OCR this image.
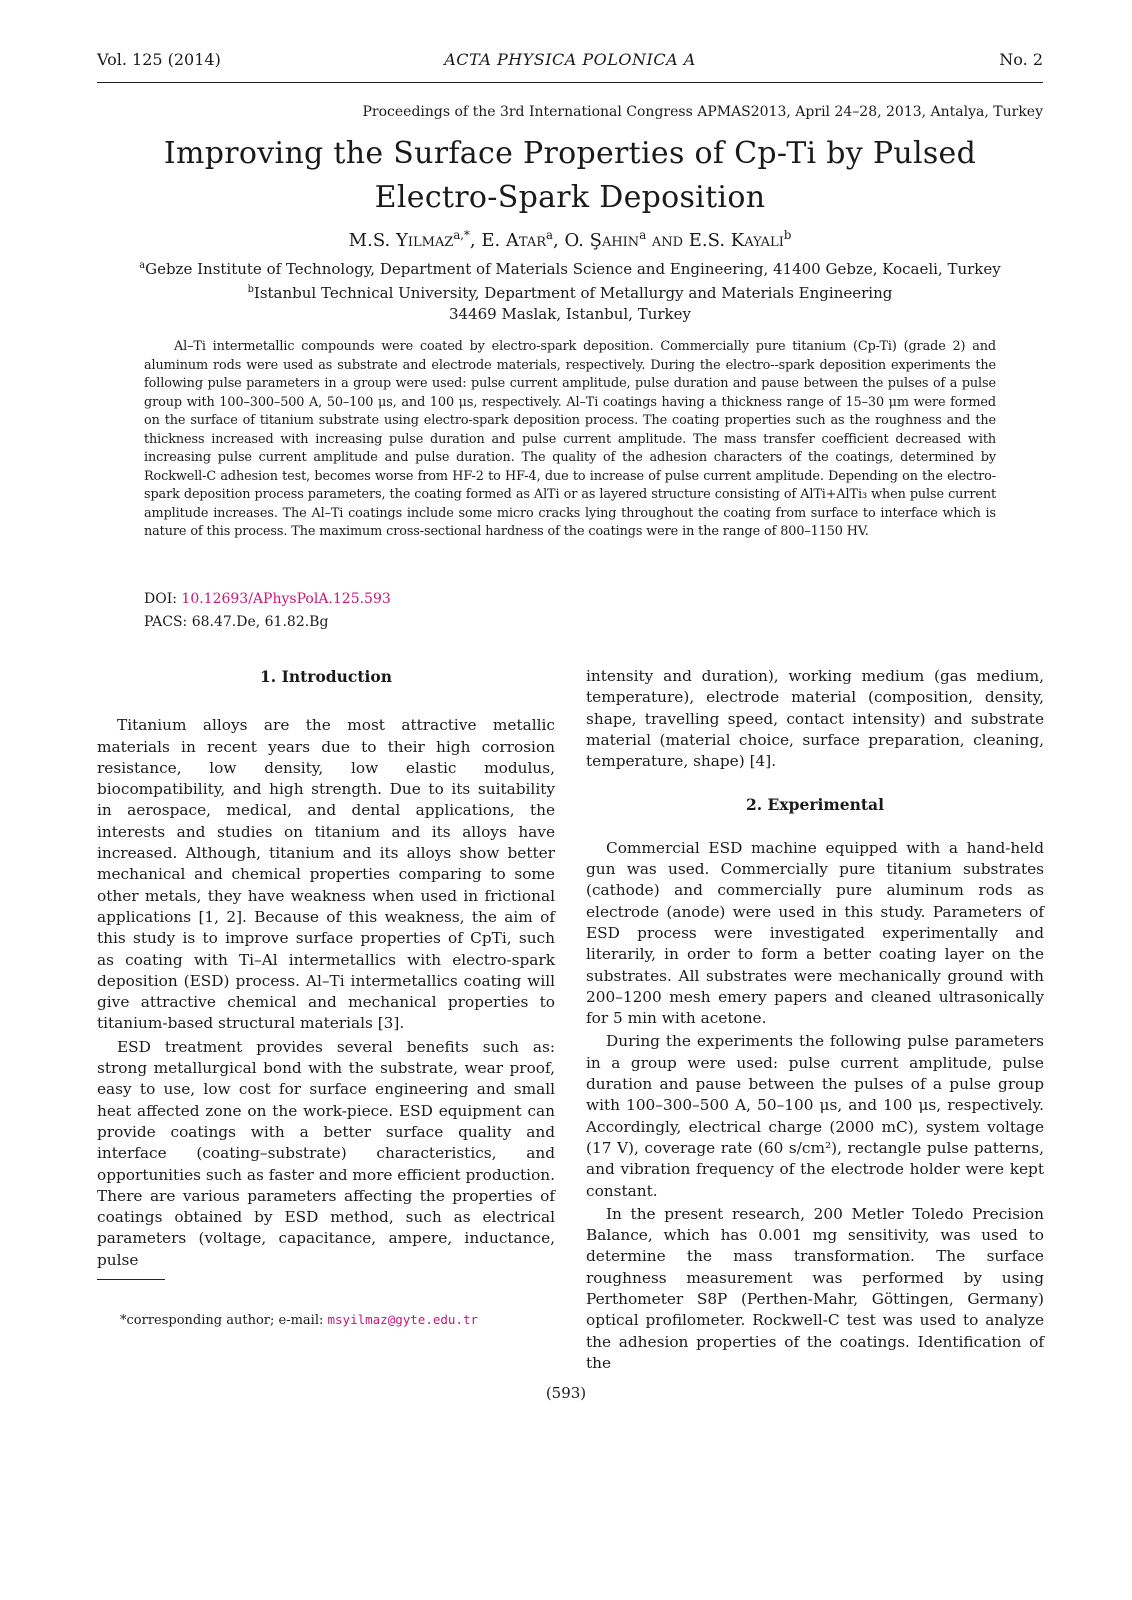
Vol. 125 (2014)	ACTA PHYSICA POLONICA A	No. 2
Proceedings of the 3rd International Congress APMAS2013, April 24–28, 2013, Antalya, Turkey
Improving the Surface Properties of Cp-Ti by Pulsed
Electro-Spark Deposition
M.S. Yilmaz$^{a,*}$, E. Atar$^a$, O. Şahin$^a$ and E.S. Kayali$^b$
$^a$Gebze Institute of Technology, Department of Materials Science and Engineering, 41400 Gebze, Kocaeli, Turkey
$^b$Istanbul Technical University, Department of Metallurgy and Materials Engineering
34469 Maslak, Istanbul, Turkey
Al–Ti intermetallic compounds were coated by electro-spark deposition. Commercially pure titanium (Cp-Ti) (grade 2) and aluminum rods were used as substrate and electrode materials, respectively. During the electro--spark deposition experiments the following pulse parameters in a group were used: pulse current amplitude, pulse duration and pause between the pulses of a pulse group with 100–300–500 A, 50–100 μs, and 100 μs, respectively. Al–Ti coatings having a thickness range of 15–30 μm were formed on the surface of titanium substrate using electro-spark deposition process. The coating properties such as the roughness and the thickness increased with increasing pulse duration and pulse current amplitude. The mass transfer coefficient decreased with increasing pulse current amplitude and pulse duration. The quality of the adhesion characters of the coatings, determined by Rockwell-C adhesion test, becomes worse from HF-2 to HF-4, due to increase of pulse current amplitude. Depending on the electro-spark deposition process parameters, the coating formed as AlTi or as layered structure consisting of AlTi+AlTi₃ when pulse current amplitude increases. The Al–Ti coatings include some micro cracks lying throughout the coating from surface to interface which is nature of this process. The maximum cross-sectional hardness of the coatings were in the range of 800–1150 HV.
DOI: 10.12693/APhysPolA.125.593
PACS: 68.47.De, 61.82.Bg
1. Introduction

Titanium alloys are the most attractive metallic materials in recent years due to their high corrosion resistance, low density, low elastic modulus, biocompatibility, and high strength. Due to its suitability in aerospace, medical, and dental applications, the interests and studies on titanium and its alloys have increased. Although, titanium and its alloys show better mechanical and chemical properties comparing to some other metals, they have weakness when used in frictional applications [1, 2]. Because of this weakness, the aim of this study is to improve surface properties of CpTi, such as coating with Ti–Al intermetallics with electro-spark deposition (ESD) process. Al–Ti intermetallics coating will give attractive chemical and mechanical properties to titanium-based structural materials [3].

ESD treatment provides several benefits such as: strong metallurgical bond with the substrate, wear proof, easy to use, low cost for surface engineering and small heat affected zone on the work-piece. ESD equipment can provide coatings with a better surface quality and interface (coating–substrate) characteristics, and opportunities such as faster and more efficient production. There are various parameters affecting the properties of coatings obtained by ESD method, such as electrical parameters (voltage, capacitance, ampere, inductance, pulse

intensity and duration), working medium (gas medium, temperature), electrode material (composition, density, shape, travelling speed, contact intensity) and substrate material (material choice, surface preparation, cleaning, temperature, shape) [4].

2. Experimental

Commercial ESD machine equipped with a hand-held gun was used. Commercially pure titanium substrates (cathode) and commercially pure aluminum rods as electrode (anode) were used in this study. Parameters of ESD process were investigated experimentally and literarily, in order to form a better coating layer on the substrates. All substrates were mechanically ground with 200–1200 mesh emery papers and cleaned ultrasonically for 5 min with acetone.

During the experiments the following pulse parameters in a group were used: pulse current amplitude, pulse duration and pause between the pulses of a pulse group with 100–300–500 A, 50–100 μs, and 100 μs, respectively. Accordingly, electrical charge (2000 mC), system voltage (17 V), coverage rate (60 s/cm²), rectangle pulse patterns, and vibration frequency of the electrode holder were kept constant.

In the present research, 200 Metler Toledo Precision Balance, which has 0.001 mg sensitivity, was used to determine the mass transformation. The surface roughness measurement was performed by using Perthometer S8P (Perthen-Mahr, Göttingen, Germany) optical profilometer. Rockwell-C test was used to analyze the adhesion properties of the coatings. Identification of the

*corresponding author; e-mail: msyilmaz@gyte.edu.tr
(593)
